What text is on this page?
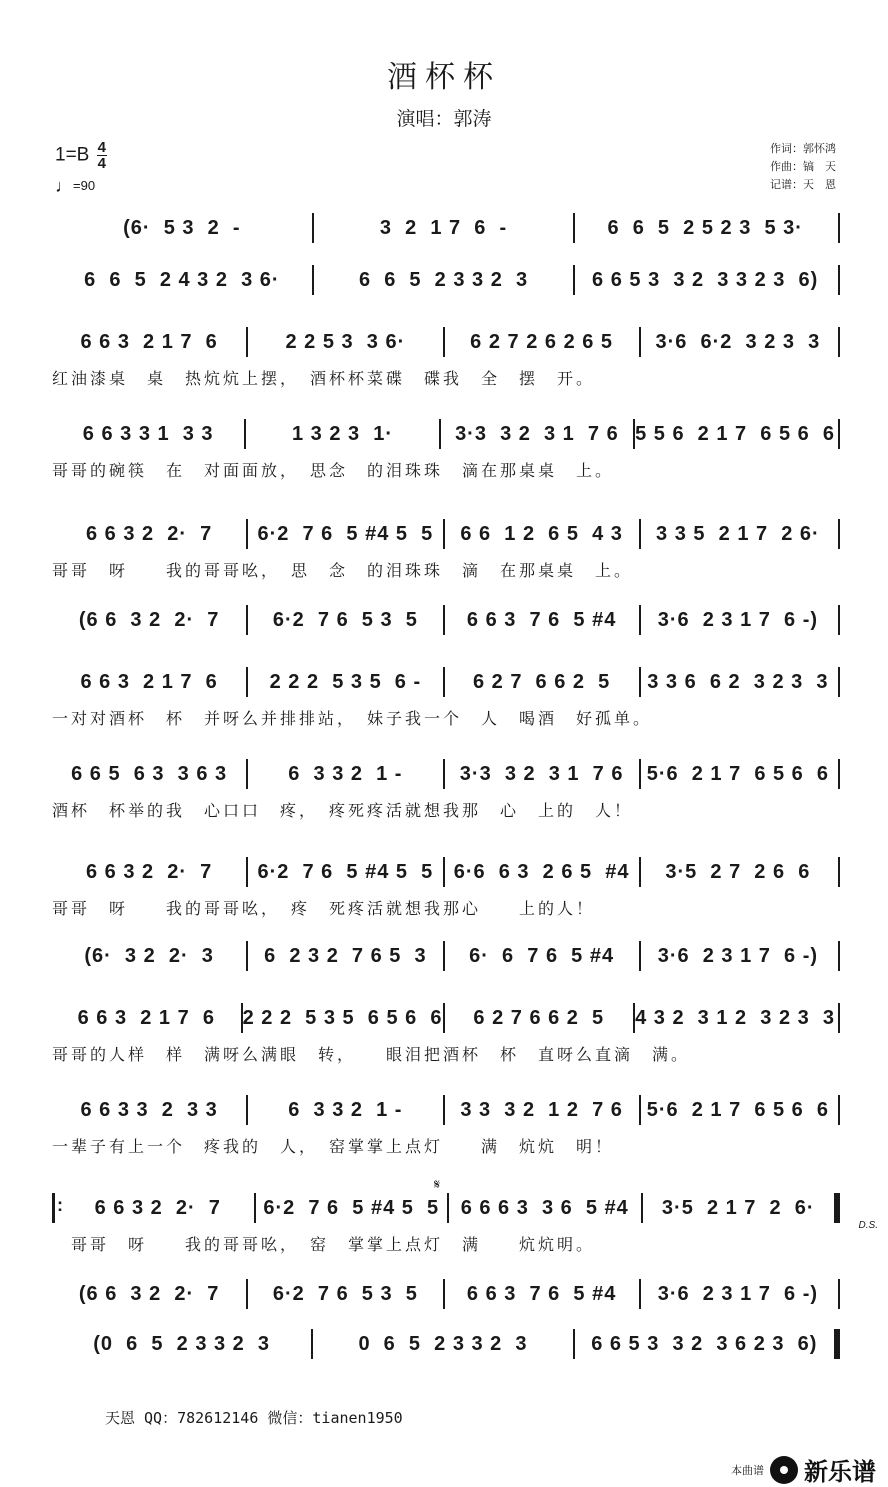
酒杯杯
演唱：郭涛
$1=B \frac{4}{4}$
♩=90
作词：郭怀鸿
作曲：镐　天
记谱：天　恩
(6·  5 3  2  -	3  2  1 7  6  -	6  6  5  2 5 2 3  5 3·
6  6  5  2 4 3 2  3 6·	6  6  5  2 3 3 2  3	6 6 5 3  3 2  3 3 2 3  6)
6 6 3  2 1 7  6	2 2 5 3  3 6·	6 2 7 2 6 2 6 5	3·6  6·2  3 2 3  3
红油漆桌　桌　热炕炕上摆，　酒杯杯菜碟　碟我　全　摆　开。
6 6 3 3 1  3 3	1 3 2 3  1·	3·3  3 2  3 1  7 6 5 5 6  2 1 7  6 5 6  6
哥哥的碗筷　在　对面面放，　思念　的泪珠珠　滴在那桌桌　上。
6 6 3 2  2·  7	6·2  7 6  5 #4 5  5	6 6  1 2  6 5  4 3	3 3 5  2 1 7  2 6·
哥哥　呀　　我的哥哥吆，　思　念　的泪珠珠　滴　在那桌桌　上。
(6 6  3 2  2·  7	6·2  7 6  5 3  5	6 6 3  7 6  5 #4	3·6  2 3 1 7  6 -)
6 6 3  2 1 7  6	2 2 2  5 3 5  6 -	6 2 7  6 6 2  5	3 3 6  6 2  3 2 3  3
一对对酒杯　杯　并呀么并排排站，　妹子我一个　人　喝酒　好孤单。
6 6 5  6 3  3 6 3	6  3 3 2  1 -	3·3  3 2  3 1  7 6	5·6  2 1 7  6 5 6  6
酒杯　杯举的我　心口口　疼，　疼死疼活就想我那　心　上的　人！
6 6 3 2  2·  7	6·2  7 6  5 #4 5  5	6·6  6 3  2 6 5  #4	3·5  2 7  2 6  6
哥哥　呀　　我的哥哥吆，　疼　死疼活就想我那心　　上的人！
(6·  3 2  2·  3	6  2 3 2  7 6 5  3	6·  6  7 6  5 #4	3·6  2 3 1 7  6 -)
6 6 3  2 1 7  6	2 2 2  5 3 5  6 5 6  6	6 2 7 6 6 2  5	4 3 2  3 1 2  3 2 3  3
哥哥的人样　样　满呀么满眼　转，　　眼泪把酒杯　杯　直呀么直滴　满。
6 6 3 3  2  3 3	6  3 3 2  1 -	3 3  3 2  1 2  7 6	5·6  2 1 7  6 5 6  6
一辈子有上一个　疼我的　人，　窑掌掌上点灯　　满　炕炕　明！
:
6 6 3 2  2·  7	6·2  7 6  5 #4 5  5	6 6 6 3  3 6  5 #4	3·5  2 1 7  2  6·
　哥哥　呀　　我的哥哥吆，　窑　掌掌上点灯　满　　炕炕明。
D.S.
𝄋
(6 6  3 2  2·  7	6·2  7 6  5 3  5	6 6 3  7 6  5 #4	3·6  2 3 1 7  6 -)
(0  6  5  2 3 3 2  3	0  6  5  2 3 3 2  3	6 6 5 3  3 2  3 6 2 3  6)
天恩 QQ：782612146 微信：tianen1950
本曲谱 新乐谱
